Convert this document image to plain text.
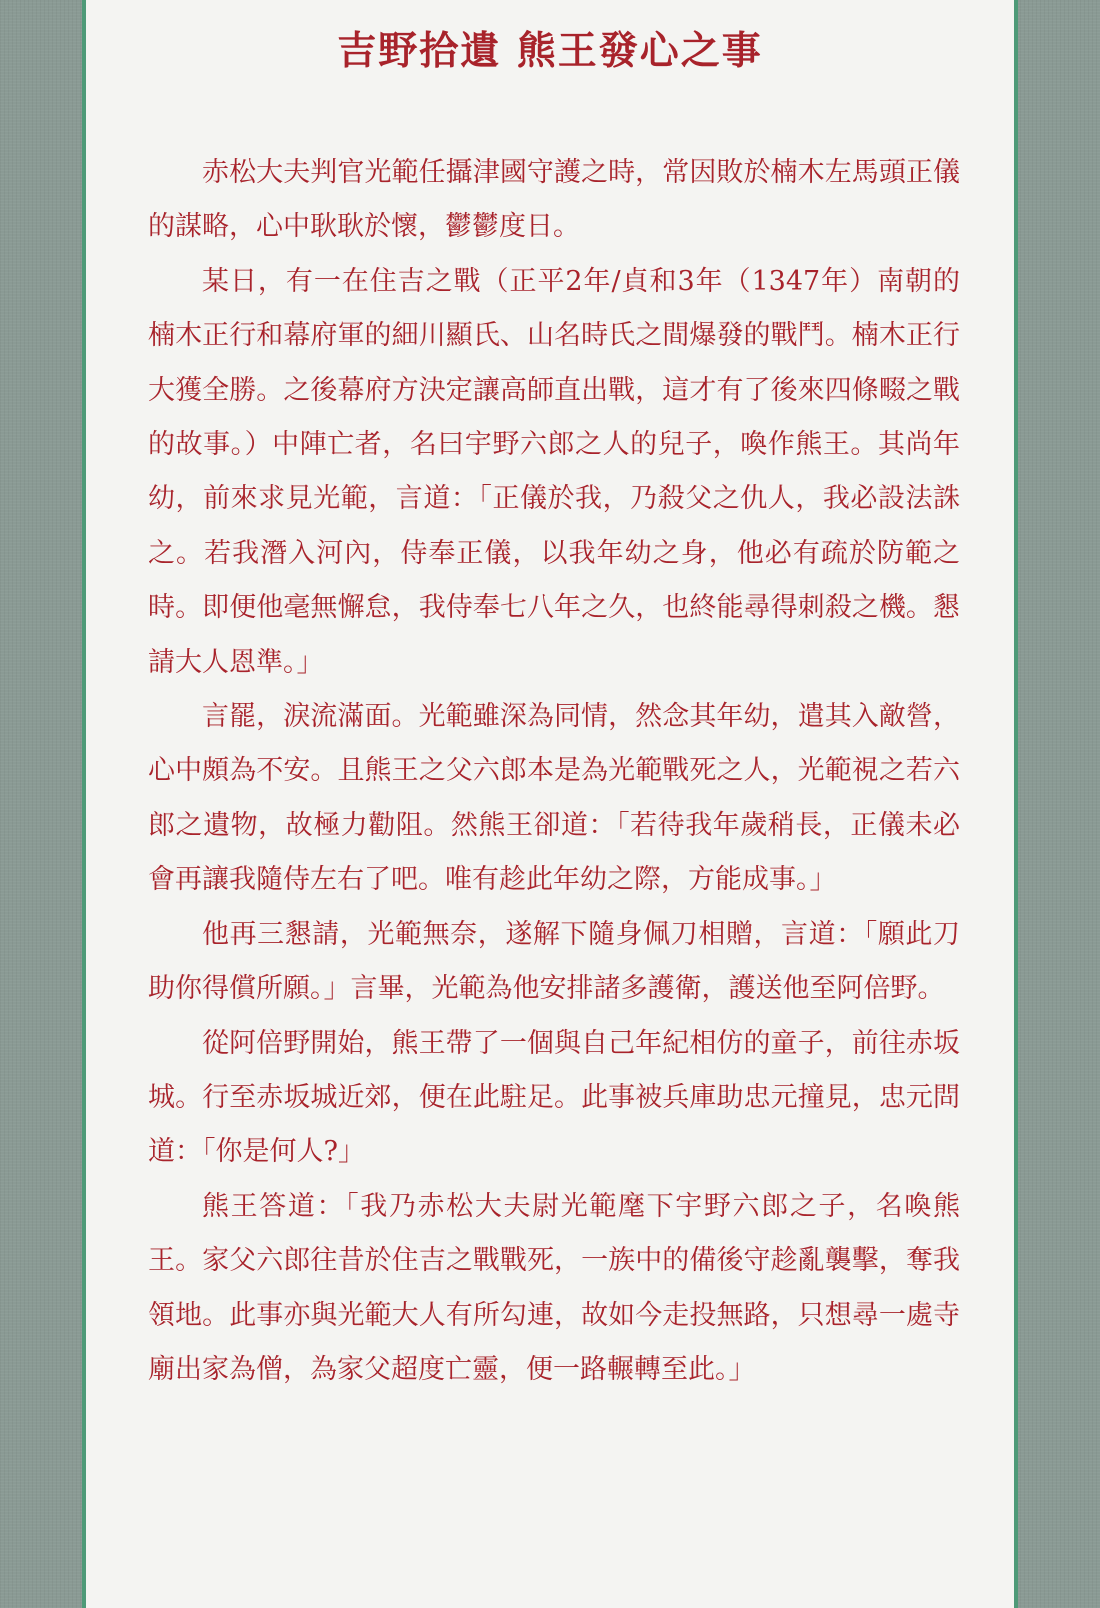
吉野拾遺 熊王發心之事

赤松大夫判官光範任攝津國守護之時，常因敗於楠木左馬頭正儀的謀略，心中耿耿於懷，鬱鬱度日。

某日，有一在住吉之戰（正平2年/貞和3年（1347年）南朝的楠木正行和幕府軍的細川顯氏、山名時氏之間爆發的戰鬥。楠木正行大獲全勝。之後幕府方決定讓高師直出戰，這才有了後來四條畷之戰的故事。）中陣亡者，名曰宇野六郎之人的兒子，喚作熊王。其尚年幼，前來求見光範，言道：「正儀於我，乃殺父之仇人，我必設法誅之。若我潛入河內，侍奉正儀，以我年幼之身，他必有疏於防範之時。即便他毫無懈怠，我侍奉七八年之久，也終能尋得刺殺之機。懇請大人恩準。」

言罷，淚流滿面。光範雖深為同情，然念其年幼，遣其入敵營，心中頗為不安。且熊王之父六郎本是為光範戰死之人，光範視之若六郎之遺物，故極力勸阻。然熊王卻道：「若待我年歲稍長，正儀未必會再讓我隨侍左右了吧。唯有趁此年幼之際，方能成事。」

他再三懇請，光範無奈，遂解下隨身佩刀相贈，言道：「願此刀助你得償所願。」言畢，光範為他安排諸多護衛，護送他至阿倍野。

從阿倍野開始，熊王帶了一個與自己年紀相仿的童子，前往赤坂城。行至赤坂城近郊，便在此駐足。此事被兵庫助忠元撞見，忠元問道：「你是何人?」

熊王答道：「我乃赤松大夫尉光範麾下宇野六郎之子，名喚熊王。家父六郎往昔於住吉之戰戰死，一族中的備後守趁亂襲擊，奪我領地。此事亦與光範大人有所勾連，故如今走投無路，只想尋一處寺廟出家為僧，為家父超度亡靈，便一路輾轉至此。」
